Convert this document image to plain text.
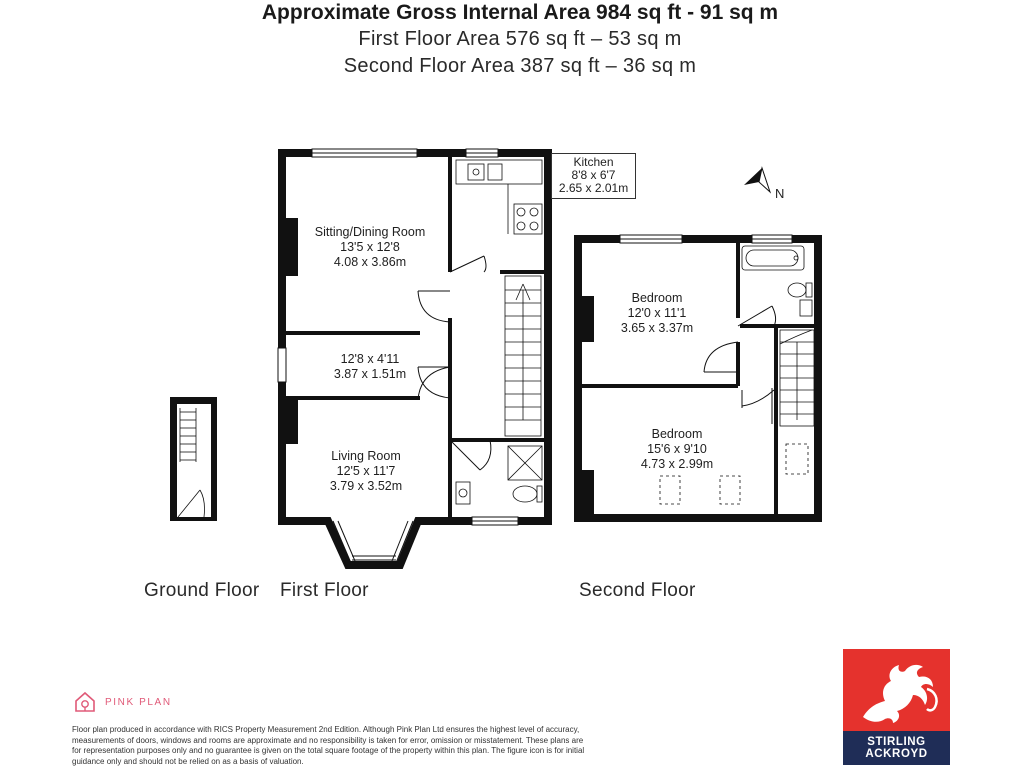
Approximate Gross Internal Area 984 sq ft - 91 sq m
First Floor Area 576 sq ft – 53 sq m
Second Floor Area 387 sq ft – 36 sq m
Sitting/Dining Room
13'5 x 12'8
4.08 x 3.86m
12'8 x 4'11
3.87 x 1.51m
Living Room
12'5 x 11'7
3.79 x 3.52m
Kitchen
8'8 x 6'7
2.65 x 2.01m
Bedroom
12'0 x 11'1
3.65 x 3.37m
Bedroom
15'6 x 9'10
4.73 x 2.99m
N
Ground Floor First Floor	Second Floor
PINK PLAN
Floor plan produced in accordance with RICS Property Measurement 2nd Edition. Although Pink Plan Ltd ensures the highest level of accuracy, measurements of doors, windows and rooms are approximate and no responsibility is taken for error, omission or misstatement. These plans are for representation purposes only and no guarantee is given on the total square footage of the property within this plan. The figure icon is for initial guidance only and should not be relied on as a basis of valuation.
STIRLING
ACKROYD
